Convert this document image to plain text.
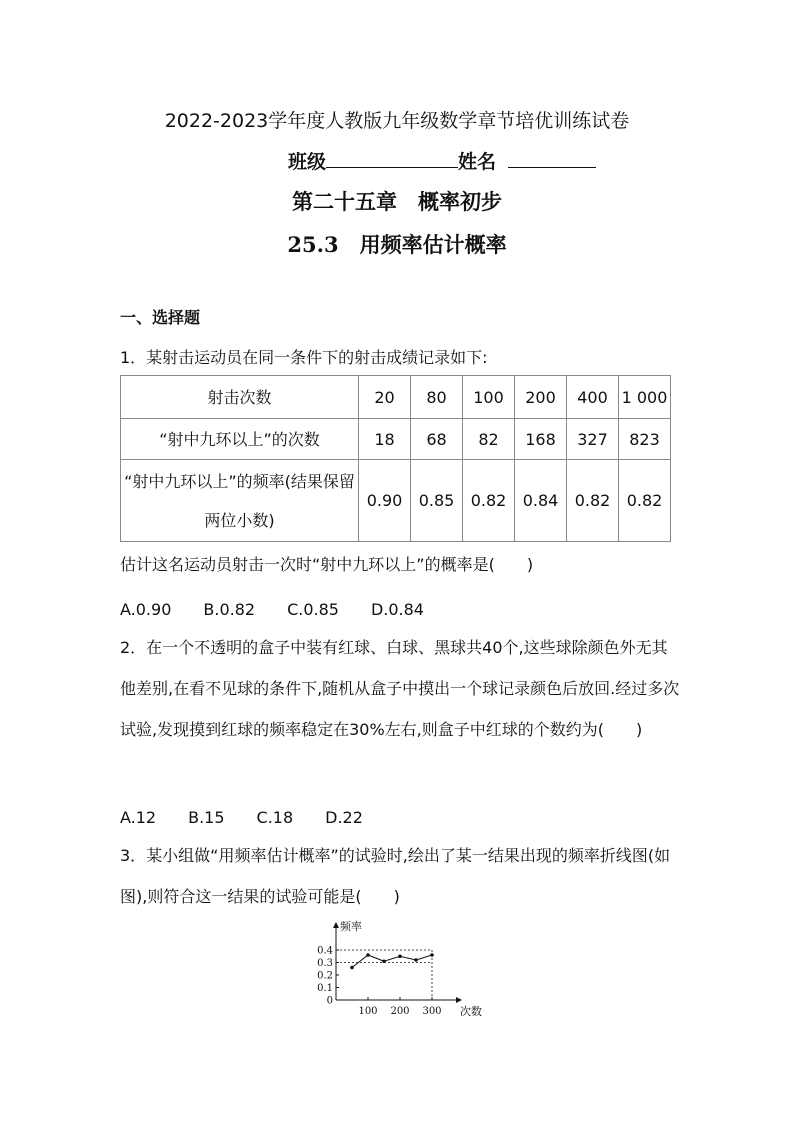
2022-2023学年度人教版九年级数学章节培优训练试卷
班级	姓名
第二十五章　概率初步
25.3　用频率估计概率
一、选择题
1．某射击运动员在同一条件下的射击成绩记录如下:
射击次数	20	80	100	200	400	1 000
“射中九环以上”的次数	18	68	82	168	327	823
“射中九环以上”的频率(结果保留两位小数)	0.90	0.85	0.82	0.84	0.82	0.82
估计这名运动员射击一次时“射中九环以上”的概率是(　　)
A.0.90　　B.0.82　　C.0.85　　D.0.84
2．在一个不透明的盒子中装有红球、白球、黑球共40个,这些球除颜色外无其他差别,在看不见球的条件下,随机从盒子中摸出一个球记录颜色后放回.经过多次试验,发现摸到红球的频率稳定在30%左右,则盒子中红球的个数约为(　　)
A.12　　B.15　　C.18　　D.22
3．某小组做“用频率估计概率”的试验时,绘出了某一结果出现的频率折线图(如图),则符合这一结果的试验可能是(　　)
频率
次数
0
0.1
0.2
0.3
0.4
100 200 300
